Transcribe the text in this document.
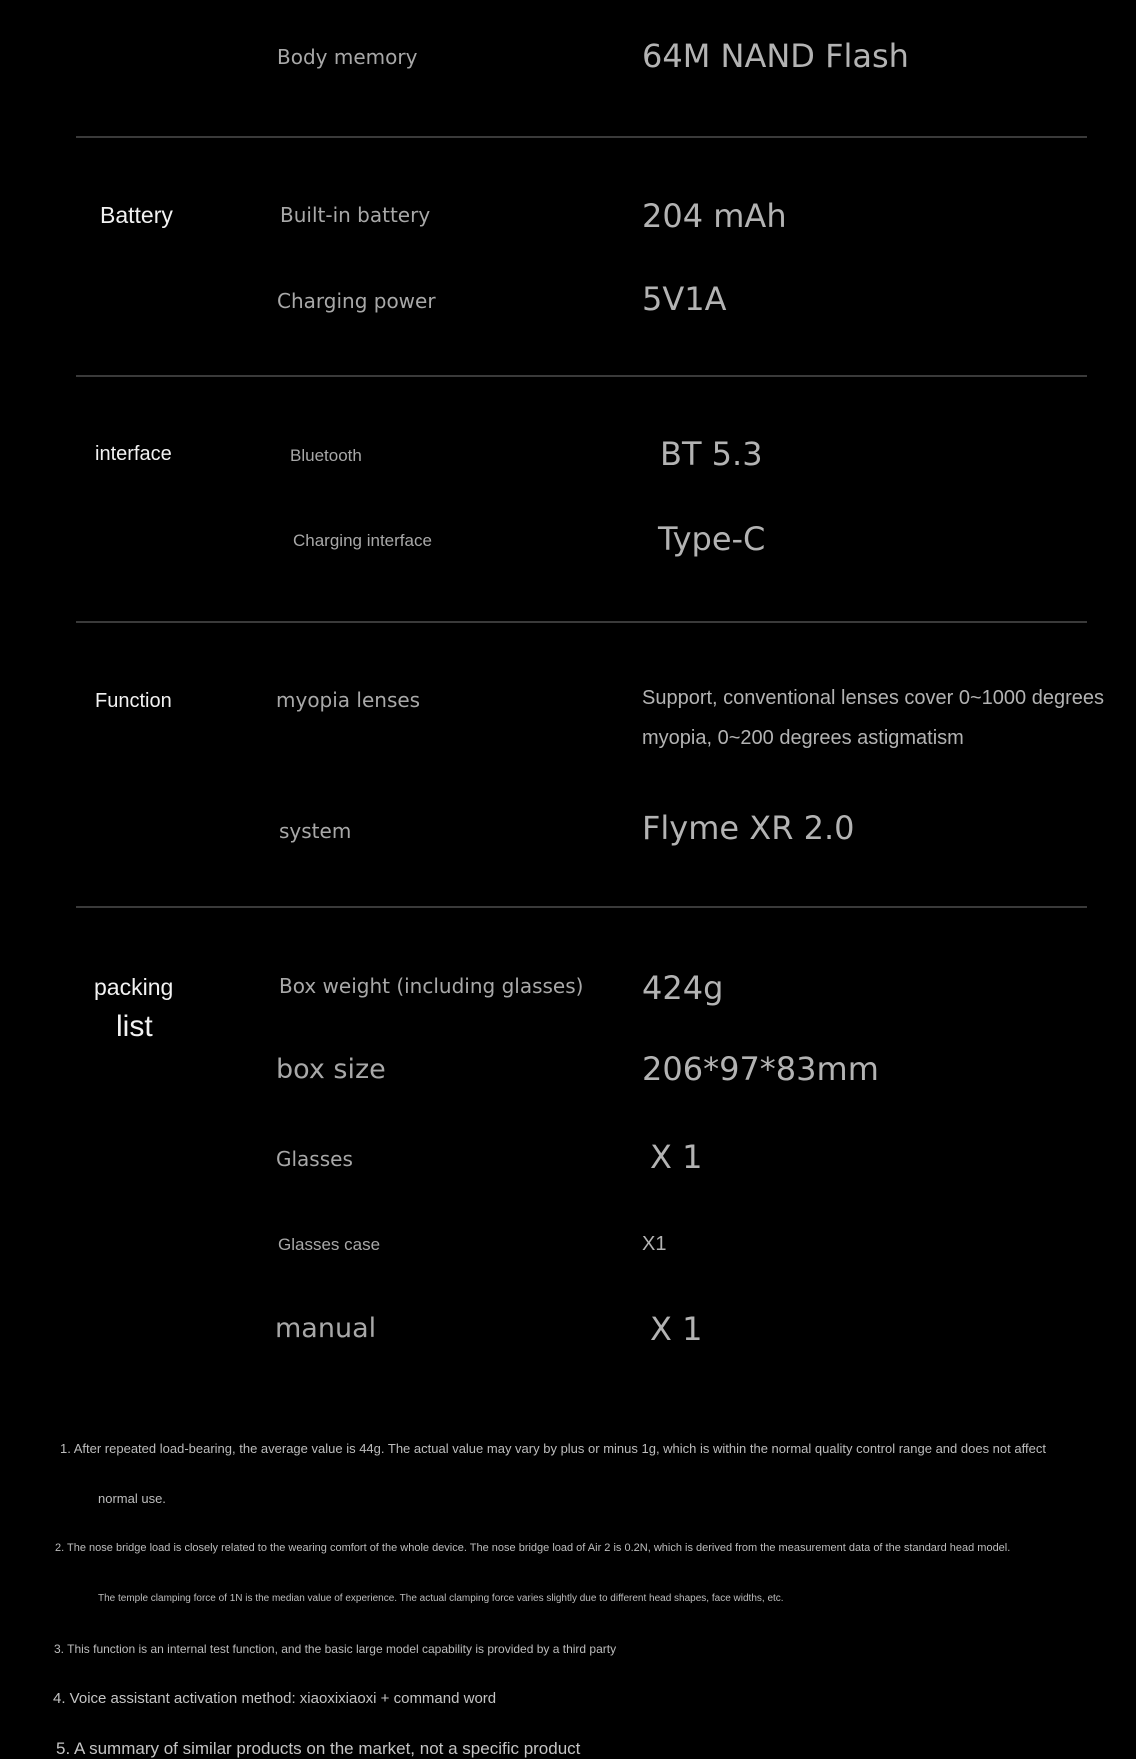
Body memory	64M NAND Flash
Battery	Built-in battery	204 mAh
Charging power	5V1A
interface	Bluetooth	BT 5.3
Charging interface	Type-C
Function	myopia lenses	Support, conventional lenses cover 0~1000 degrees myopia, 0~200 degrees astigmatism
system	Flyme XR 2.0
packing
list
Box weight (including glasses) 424g
box size	206*97*83mm
Glasses	X 1
Glasses case	X1
manual	X 1
1. After repeated load-bearing, the average value is 44g. The actual value may vary by plus or minus 1g, which is within the normal quality control range and does not affect
normal use.
2. The nose bridge load is closely related to the wearing comfort of the whole device. The nose bridge load of Air 2 is 0.2N, which is derived from the measurement data of the standard head model.
The temple clamping force of 1N is the median value of experience. The actual clamping force varies slightly due to different head shapes, face widths, etc.
3. This function is an internal test function, and the basic large model capability is provided by a third party
4. Voice assistant activation method: xiaoxixiaoxi + command word
5. A summary of similar products on the market, not a specific product
